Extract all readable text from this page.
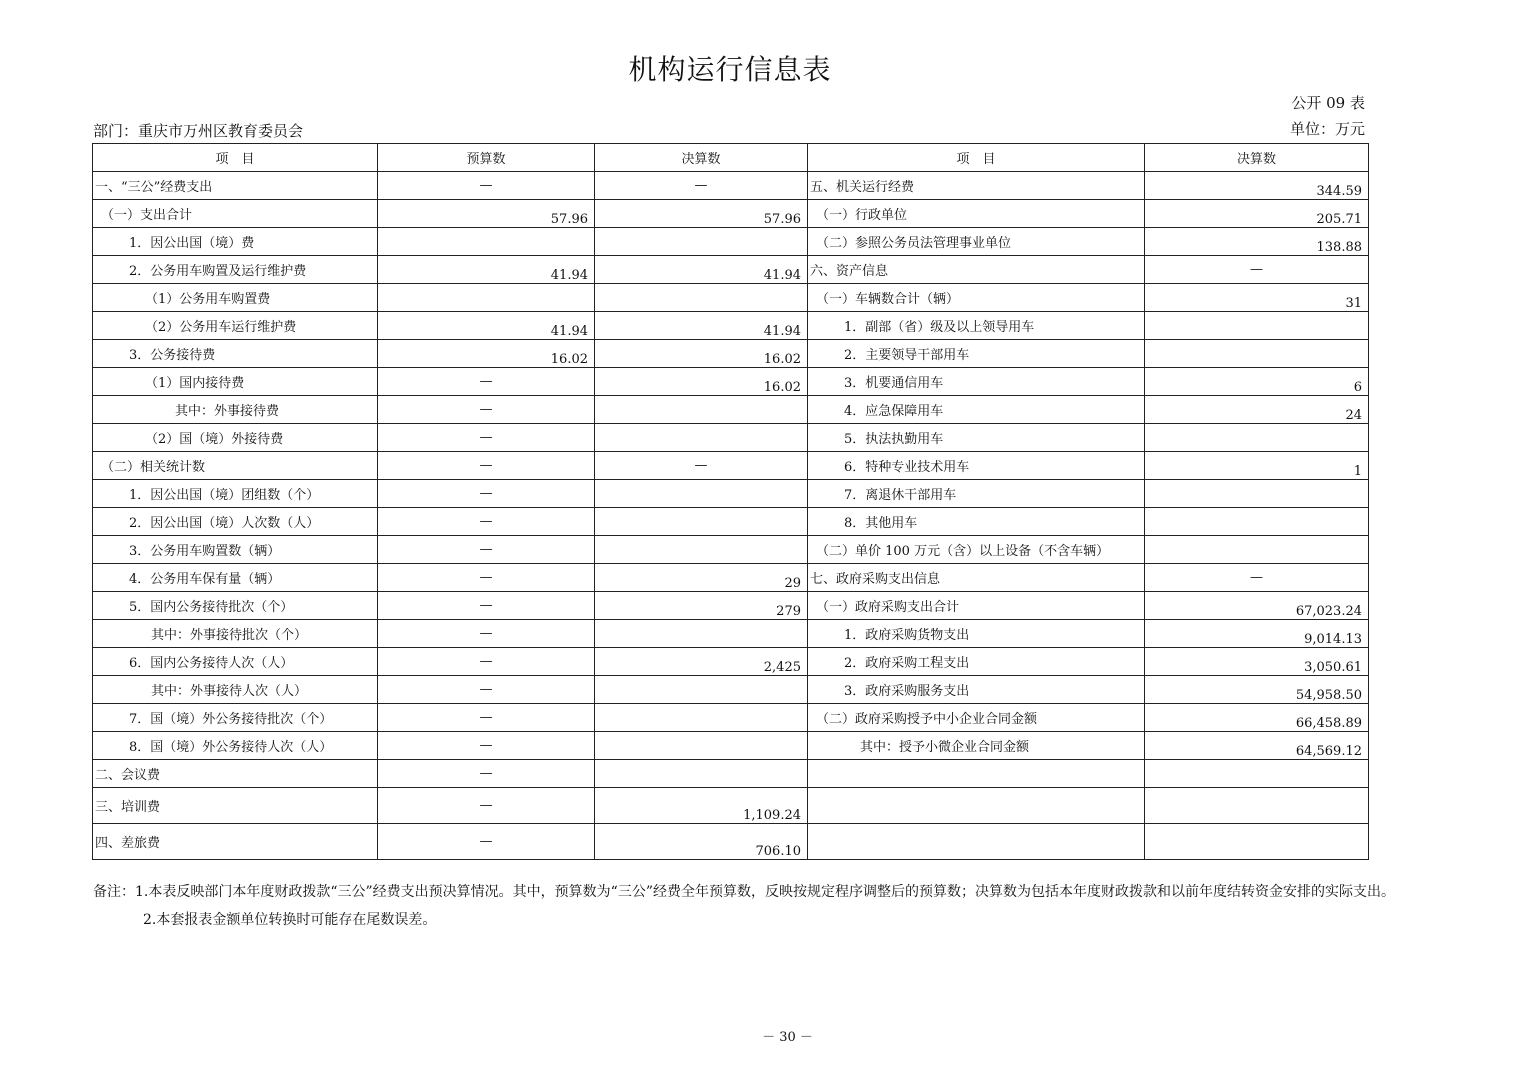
机构运行信息表
公开 09 表
部门：重庆市万州区教育委员会	单位：万元
项　目	预算数	决算数	项　目	决算数
一、“三公”经费支出	—	—	五、机关运行经费	344.59
（一）支出合计	57.96	57.96	（一）行政单位	205.71
1．因公出国（境）费			（二）参照公务员法管理事业单位	138.88
2．公务用车购置及运行维护费	41.94	41.94	六、资产信息	—
（1）公务用车购置费			（一）车辆数合计（辆）	31
（2）公务用车运行维护费	41.94	41.94	1．副部（省）级及以上领导用车	
3．公务接待费	16.02	16.02	2．主要领导干部用车	
（1）国内接待费	—	16.02	3．机要通信用车	6
其中：外事接待费	—		4．应急保障用车	24
（2）国（境）外接待费	—		5．执法执勤用车	
（二）相关统计数	—	—	6．特种专业技术用车	1
1．因公出国（境）团组数（个）	—		7．离退休干部用车	
2．因公出国（境）人次数（人）	—		8．其他用车	
3．公务用车购置数（辆）	—		（二）单价 100 万元（含）以上设备（不含车辆）	
4．公务用车保有量（辆）	—	29	七、政府采购支出信息	—
5．国内公务接待批次（个）	—	279	（一）政府采购支出合计	67,023.24
其中：外事接待批次（个）	—		1．政府采购货物支出	9,014.13
6．国内公务接待人次（人）	—	2,425	2．政府采购工程支出	3,050.61
其中：外事接待人次（人）	—		3．政府采购服务支出	54,958.50
7．国（境）外公务接待批次（个）	—		（二）政府采购授予中小企业合同金额	66,458.89
8．国（境）外公务接待人次（人）	—		其中：授予小微企业合同金额	64,569.12
二、会议费	—			
三、培训费	—	1,109.24		
四、差旅费	—	706.10		
备注：1.本表反映部门本年度财政拨款“三公”经费支出预决算情况。其中，预算数为“三公”经费全年预算数，反映按规定程序调整后的预算数；决算数为包括本年度财政拨款和以前年度结转资金安排的实际支出。
2.本套报表金额单位转换时可能存在尾数误差。
－ 30 －
